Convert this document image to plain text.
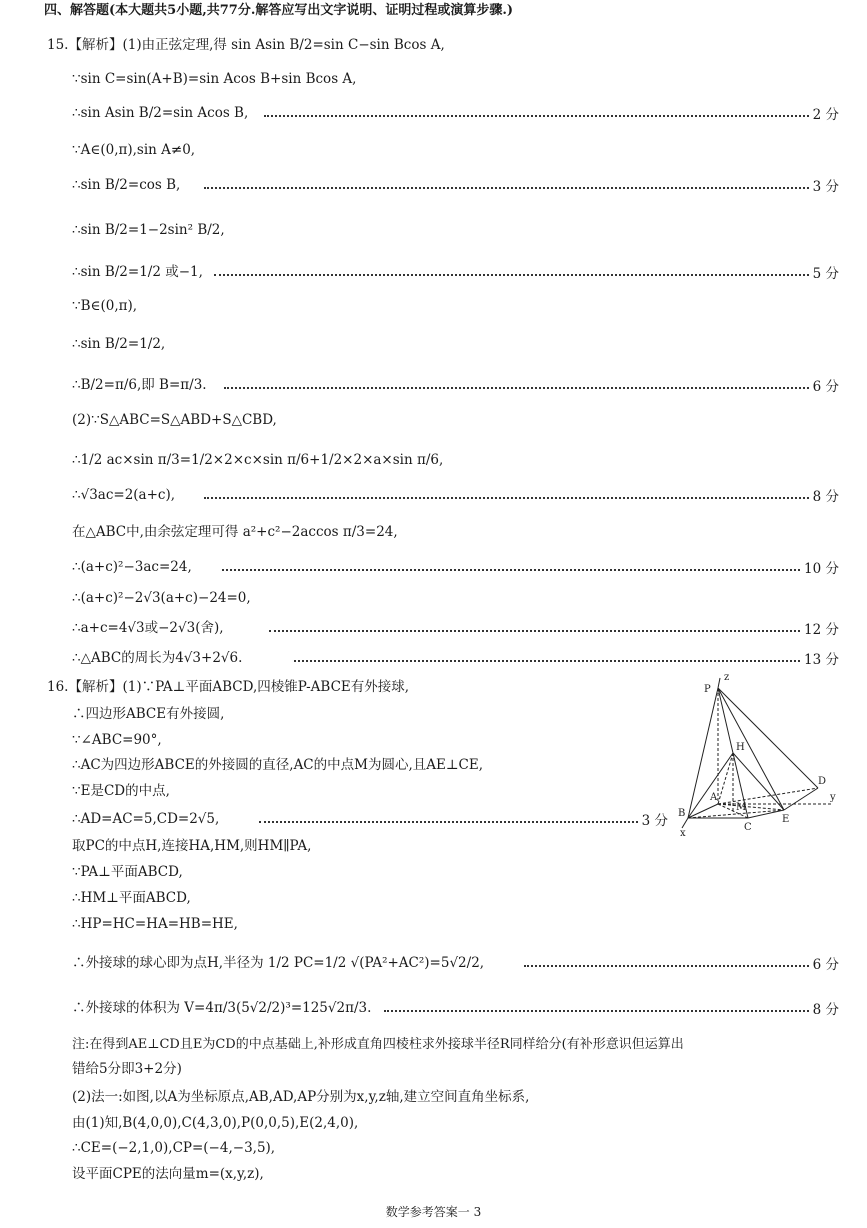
四、解答题(本大题共5小题,共77分.解答应写出文字说明、证明过程或演算步骤.)
15.【解析】(1)由正弦定理,得 sin Asin B/2=sin C−sin Bcos A,
∵sin C=sin(A+B)=sin Acos B+sin Bcos A,
∴sin Asin B/2=sin Acos B,	2 分
∵A∈(0,π),sin A≠0,
∴sin B/2=cos B,	3 分
∴sin B/2=1−2sin² B/2,
∴sin B/2=1/2 或−1,	5 分
∵B∈(0,π),
∴sin B/2=1/2,
∴B/2=π/6,即 B=π/3.	6 分
(2)∵S△ABC=S△ABD+S△CBD,
∴1/2 ac×sin π/3=1/2×2×c×sin π/6+1/2×2×a×sin π/6,
∴√3ac=2(a+c),	8 分
在△ABC中,由余弦定理可得 a²+c²−2accos π/3=24,
∴(a+c)²−3ac=24,	10 分
∴(a+c)²−2√3(a+c)−24=0,
∴a+c=4√3或−2√3(舍),	12 分
∴△ABC的周长为4√3+2√6.	13 分
16.【解析】(1)∵PA⊥平面ABCD,四棱锥P-ABCE有外接球,
∴四边形ABCE有外接圆,
∵∠ABC=90°,
∴AC为四边形ABCE的外接圆的直径,AC的中点M为圆心,且AE⊥CE,
∵E是CD的中点,
∴AD=AC=5,CD=2√5,	3 分
取PC的中点H,连接HA,HM,则HM∥PA,
∵PA⊥平面ABCD,
∴HM⊥平面ABCD,
∴HP=HC=HA=HB=HE,
∴外接球的球心即为点H,半径为 1/2 PC=1/2 √(PA²+AC²)=5√2/2,	6 分
∴外接球的体积为 V=4π/3(5√2/2)³=125√2π/3.	8 分
注:在得到AE⊥CD且E为CD的中点基础上,补形成直角四棱柱求外接球半径R同样给分(有补形意识但运算出
错给5分即3+2分)
(2)法一:如图,以A为坐标原点,AB,AD,AP分别为x,y,z轴,建立空间直角坐标系,
由(1)知,B(4,0,0),C(4,3,0),P(0,0,5),E(2,4,0),
∴CE=(−2,1,0),CP=(−4,−3,5),
设平面CPE的法向量m=(x,y,z),
P
z
H
A
M
B
C
E
D
y
x
数学参考答案一 3
